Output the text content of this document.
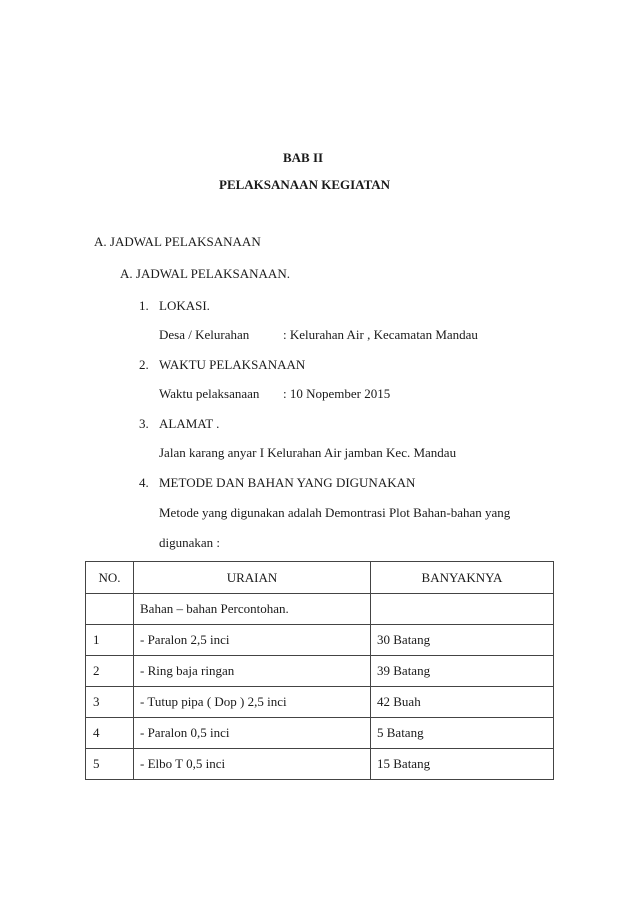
BAB II
PELAKSANAAN KEGIATAN
A. JADWAL PELAKSANAAN
A. JADWAL PELAKSANAAN.
1. LOKASI.
Desa / Kelurahan	: Kelurahan Air , Kecamatan Mandau
2. WAKTU PELAKSANAAN
Waktu pelaksanaan : 10 Nopember 2015
3. ALAMAT .
Jalan karang anyar I Kelurahan Air jamban Kec. Mandau
4. METODE DAN BAHAN YANG DIGUNAKAN
Metode yang digunakan adalah Demontrasi Plot Bahan-bahan yang
digunakan :
NO.	URAIAN	BANYAKNYA
	Bahan – bahan Percontohan.	
1	- Paralon 2,5 inci	30 Batang
2	- Ring baja ringan	39 Batang
3	- Tutup pipa ( Dop ) 2,5 inci	42 Buah
4	- Paralon 0,5 inci	5 Batang
5	- Elbo T 0,5 inci	15 Batang
